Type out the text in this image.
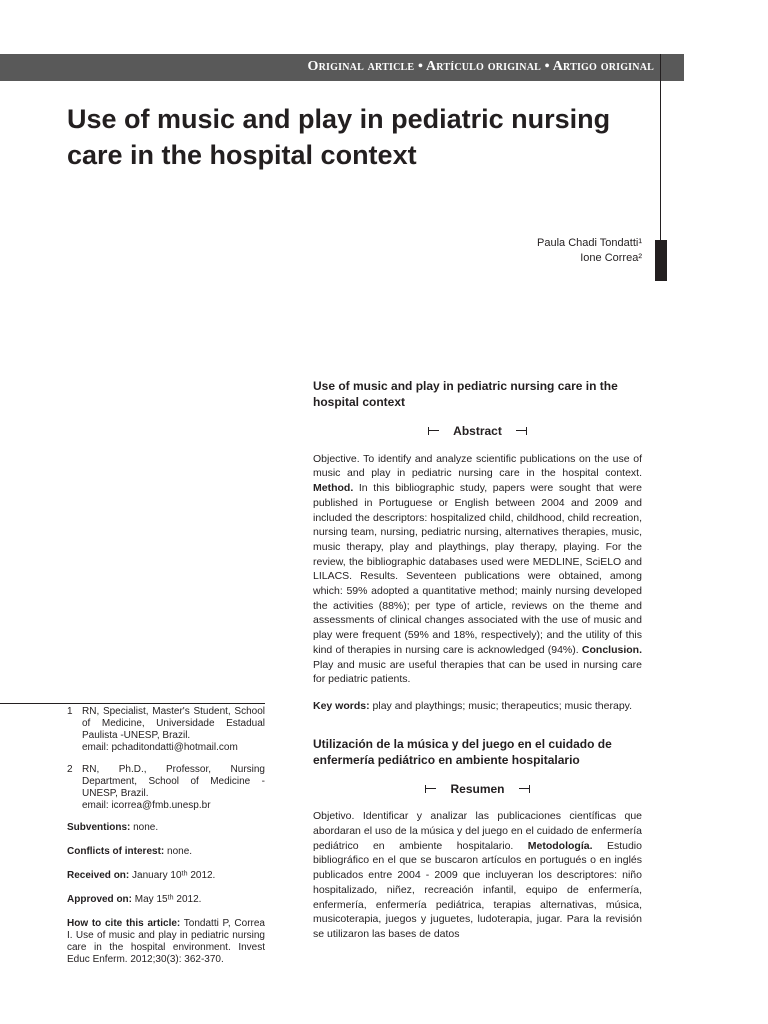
Original article • Artículo original • Artigo original
Use of music and play in pediatric nursing care in the hospital context
Paula Chadi Tondatti¹
Ione Correa²
Use of music and play in pediatric nursing care in the hospital context
Abstract

Objective. To identify and analyze scientific publications on the use of music and play in pediatric nursing care in the hospital context. Method. In this bibliographic study, papers were sought that were published in Portuguese or English between 2004 and 2009 and included the descriptors: hospitalized child, childhood, child recreation, nursing team, nursing, pediatric nursing, alternatives therapies, music, music therapy, play and playthings, play therapy, playing. For the review, the bibliographic databases used were MEDLINE, SciELO and LILACS. Results. Seventeen publications were obtained, among which: 59% adopted a quantitative method; mainly nursing developed the activities (88%); per type of article, reviews on the theme and assessments of clinical changes associated with the use of music and play were frequent (59% and 18%, respectively); and the utility of this kind of therapies in nursing care is acknowledged (94%). Conclusion. Play and music are useful therapies that can be used in nursing care for pediatric patients.

Key words: play and playthings; music; therapeutics; music therapy.

Utilización de la música y del juego en el cuidado de enfermería pediátrico en ambiente hospitalario
Resumen

Objetivo. Identificar y analizar las publicaciones científicas que abordaran el uso de la música y del juego en el cuidado de enfermería pediátrico en ambiente hospitalario. Metodología. Estudio bibliográfico en el que se buscaron artículos en portugués o en inglés publicados entre 2004 - 2009 que incluyeran los descriptores: niño hospitalizado, niñez, recreación infantil, equipo de enfermería, enfermería, enfermería pediátrica, terapias alternativas, música, musicoterapia, juegos y juguetes, ludoterapia, jugar. Para la revisión se utilizaron las bases de datos

1 RN, Specialist, Master's Student, School of Medicine, Universidade Estadual Paulista -UNESP, Brazil.
email: pchaditondatti@hotmail.com
2 RN, Ph.D., Professor, Nursing Department, School of Medicine - UNESP, Brazil.
email: icorrea@fmb.unesp.br

Subventions: none.

Conflicts of interest: none.

Received on: January 10ᵗʰ 2012.

Approved on: May 15ᵗʰ 2012.

How to cite this article: Tondatti P, Correa I. Use of music and play in pediatric nursing care in the hospital environment. Invest Educ Enferm. 2012;30(3): 362-370.
